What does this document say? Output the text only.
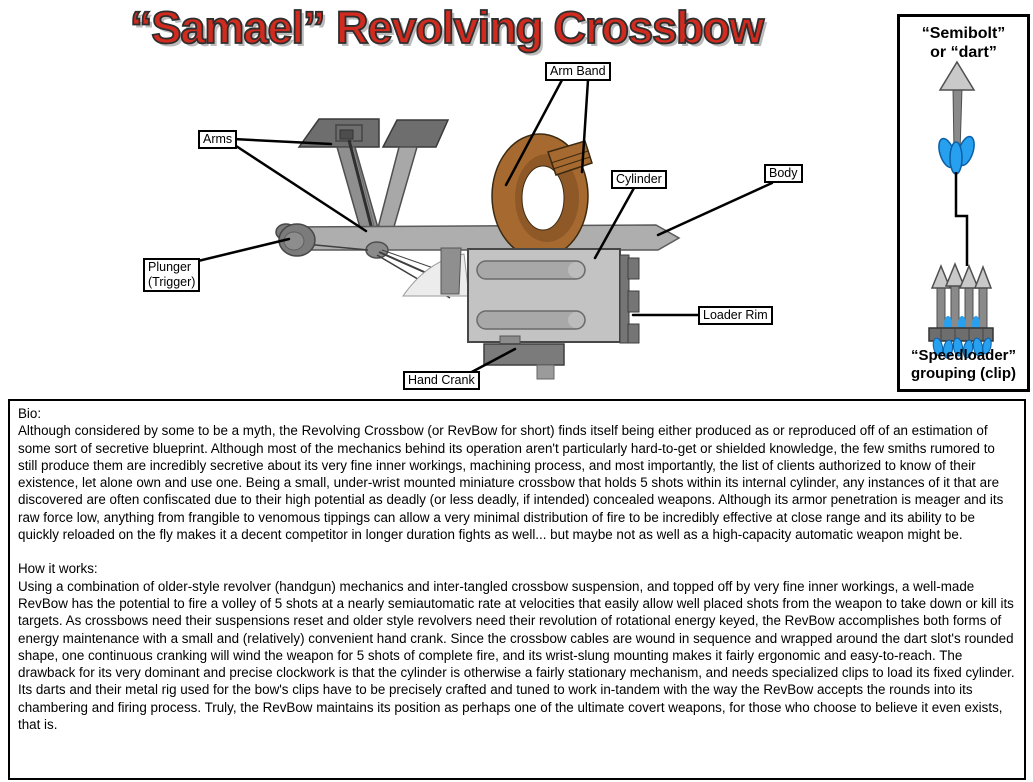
“Samael” Revolving Crossbow
Arms
Arm Band
Cylinder	Body
Plunger
(Trigger)
Loader Rim
Hand Crank
“Semibolt”
or “dart”
“Speedloader”
grouping (clip)
Bio:
Although considered by some to be a myth, the Revolving Crossbow (or RevBow for short) finds itself being either produced as or reproduced off of an estimation of some sort of secretive blueprint. Although most of the mechanics behind its operation aren't particularly hard-to-get or shielded knowledge, the few smiths rumored to still produce them are incredibly secretive about its very fine inner workings, machining process, and most importantly, the list of clients authorized to know of their existence, let alone own and use one. Being a small, under-wrist mounted miniature crossbow that holds 5 shots within its internal cylinder, any instances of it that are discovered are often confiscated due to their high potential as deadly (or less deadly, if intended) concealed weapons. Although its armor penetration is meager and its raw force low, anything from frangible to venomous tippings can allow a very minimal distribution of fire to be incredibly effective at close range and its ability to be quickly reloaded on the fly makes it a decent competitor in longer duration fights as well... but maybe not as well as a high-capacity automatic weapon might be.
How it works:
Using a combination of older-style revolver (handgun) mechanics and inter-tangled crossbow suspension, and topped off by very fine inner workings, a well-made RevBow has the potential to fire a volley of 5 shots at a nearly semiautomatic rate at velocities that easily allow well placed shots from the weapon to take down or kill its targets. As crossbows need their suspensions reset and older style revolvers need their revolution of rotational energy keyed, the RevBow accomplishes both forms of energy maintenance with a small and (relatively) convenient hand crank. Since the crossbow cables are wound in sequence and wrapped around the dart slot's rounded shape, one continuous cranking will wind the weapon for 5 shots of complete fire, and its wrist-slung mounting makes it fairly ergonomic and easy-to-reach. The drawback for its very dominant and precise clockwork is that the cylinder is otherwise a fairly stationary mechanism, and needs specialized clips to load its fixed cylinder. Its darts and their metal rig used for the bow's clips have to be precisely crafted and tuned to work in-tandem with the way the RevBow accepts the rounds into its chambering and firing process. Truly, the RevBow maintains its position as perhaps one of the ultimate covert weapons, for those who choose to believe it even exists, that is.
